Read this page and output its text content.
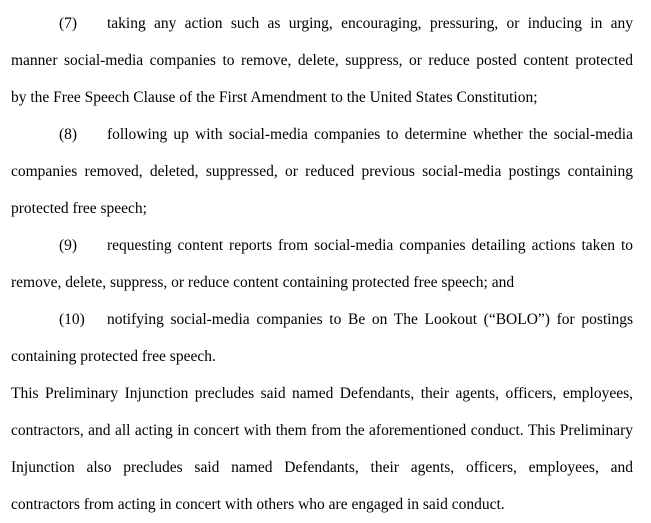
(7)	taking any action such as urging, encouraging, pressuring, or inducing in any
manner social-media companies to remove, delete, suppress, or reduce posted content protected
by the Free Speech Clause of the First Amendment to the United States Constitution;
(8)	following up with social-media companies to determine whether the social-media
companies removed, deleted, suppressed, or reduced previous social-media postings containing
protected free speech;
(9)	requesting content reports from social-media companies detailing actions taken to
remove, delete, suppress, or reduce content containing protected free speech; and
(10)	notifying social-media companies to Be on The Lookout (“BOLO”) for postings
containing protected free speech.
This Preliminary Injunction precludes said named Defendants, their agents, officers, employees,
contractors, and all acting in concert with them from the aforementioned conduct. This Preliminary
Injunction also precludes said named Defendants, their agents, officers, employees, and
contractors from acting in concert with others who are engaged in said conduct.
